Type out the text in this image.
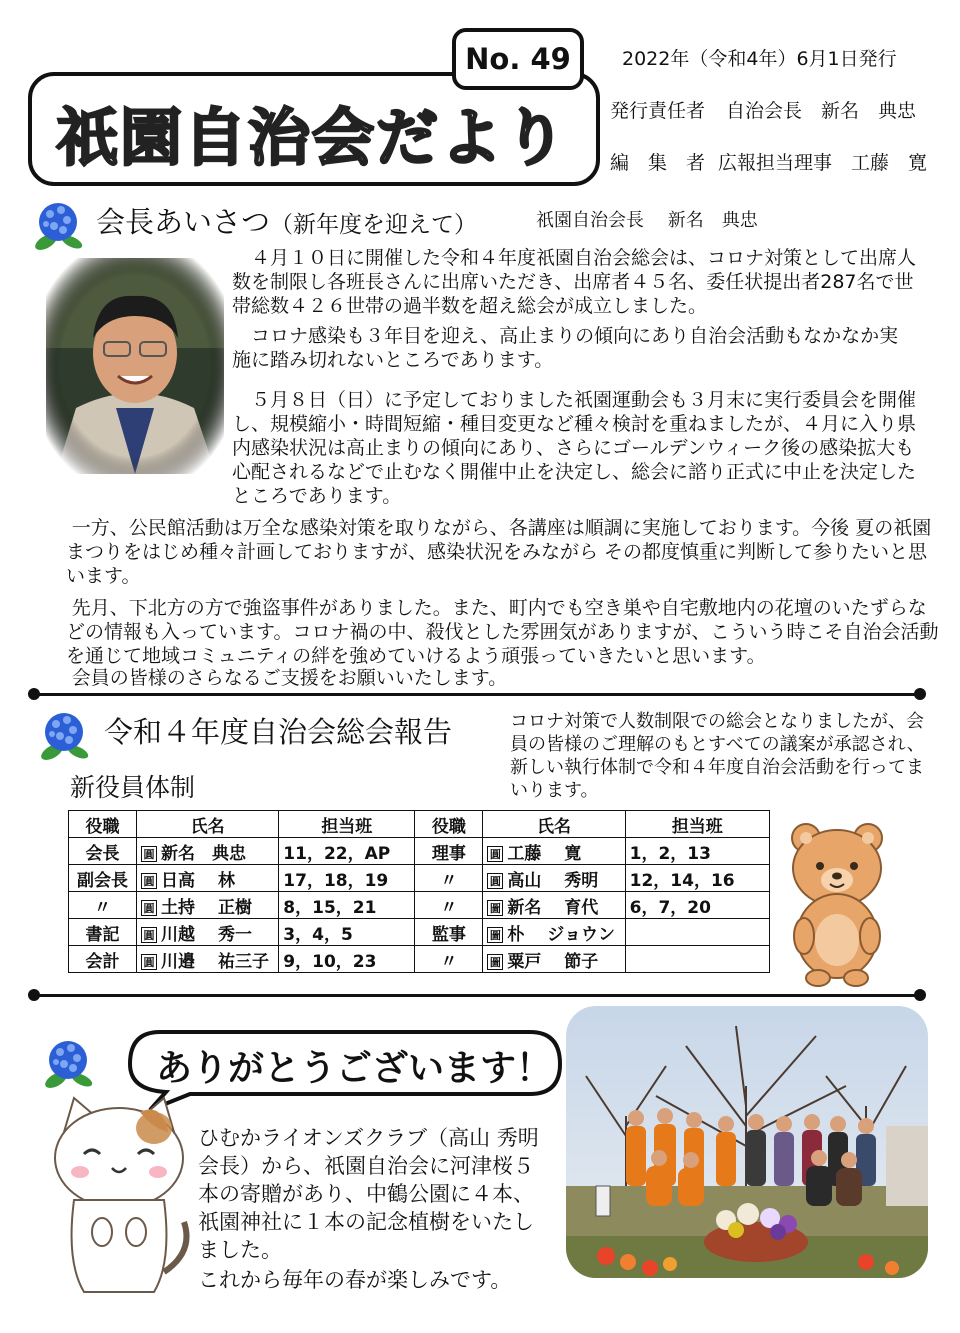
祇園自治会だより
No. 49	2022年（令和4年）6月1日発行
発行責任者 自治会長　新名　典忠
編　集　者 広報担当理事　工藤　寛
会長あいさつ（新年度を迎えて）	祇園自治会長　 新名　典忠
４月１０日に開催した令和４年度祇園自治会総会は、コロナ対策として出席人数を制限し各班長さんに出席いただき、出席者４５名、委任状提出者287名で世帯総数４２６世帯の過半数を超え総会が成立しました。
コロナ感染も３年目を迎え、高止まりの傾向にあり自治会活動もなかなか実施に踏み切れないところであります。
５月８日（日）に予定しておりました祇園運動会も３月末に実行委員会を開催し、規模縮小・時間短縮・種目変更など種々検討を重ねましたが、４月に入り県内感染状況は高止まりの傾向にあり、さらにゴールデンウィーク後の感染拡大も心配されるなどで止むなく開催中止を決定し、総会に諮り正式に中止を決定したところであります。
一方、公民館活動は万全な感染対策を取りながら、各講座は順調に実施しております。今後 夏の祇園まつりをはじめ種々計画しておりますが、感染状況をみながら その都度慎重に判断して参りたいと思います。
先月、下北方の方で強盗事件がありました。また、町内でも空き巣や自宅敷地内の花壇のいたずらなどの情報も入っています。コロナ禍の中、殺伐とした雰囲気がありますが、こういう時こそ自治会活動を通じて地域コミュニティの絆を強めていけるよう頑張っていきたいと思います。
会員の皆様のさらなるご支援をお願いいたします。
令和４年度自治会総会報告	コロナ対策で人数制限での総会となりましたが、会員の皆様のご理解のもとすべての議案が承認され、新しい執行体制で令和４年度自治会活動を行ってまいります。
新役員体制
役職	氏名	担当班	役職	氏名	担当班
会長	圓 新名　典忠	11，22，AP	理事	圓 工藤　 寛	1，2，13
副会長	圓 日高　 林	17，18，19	〃	圓 高山　 秀明	12，14，16
〃	圓 土持　 正樹	8，15，21	〃	圖 新名　 育代	6，7，20
書記	圓 川越　 秀一	3，4，5	監事	圖 朴　 ジョウン	
会計	圓 川邉　 祐三子	9，10，23	〃	圖 粟戸　 節子	
ありがとうございます！
ひむかライオンズクラブ（高山 秀明 会長）から、祇園自治会に河津桜５本の寄贈があり、中鶴公園に４本、祇園神社に１本の記念植樹をいたしました。
これから毎年の春が楽しみです。
